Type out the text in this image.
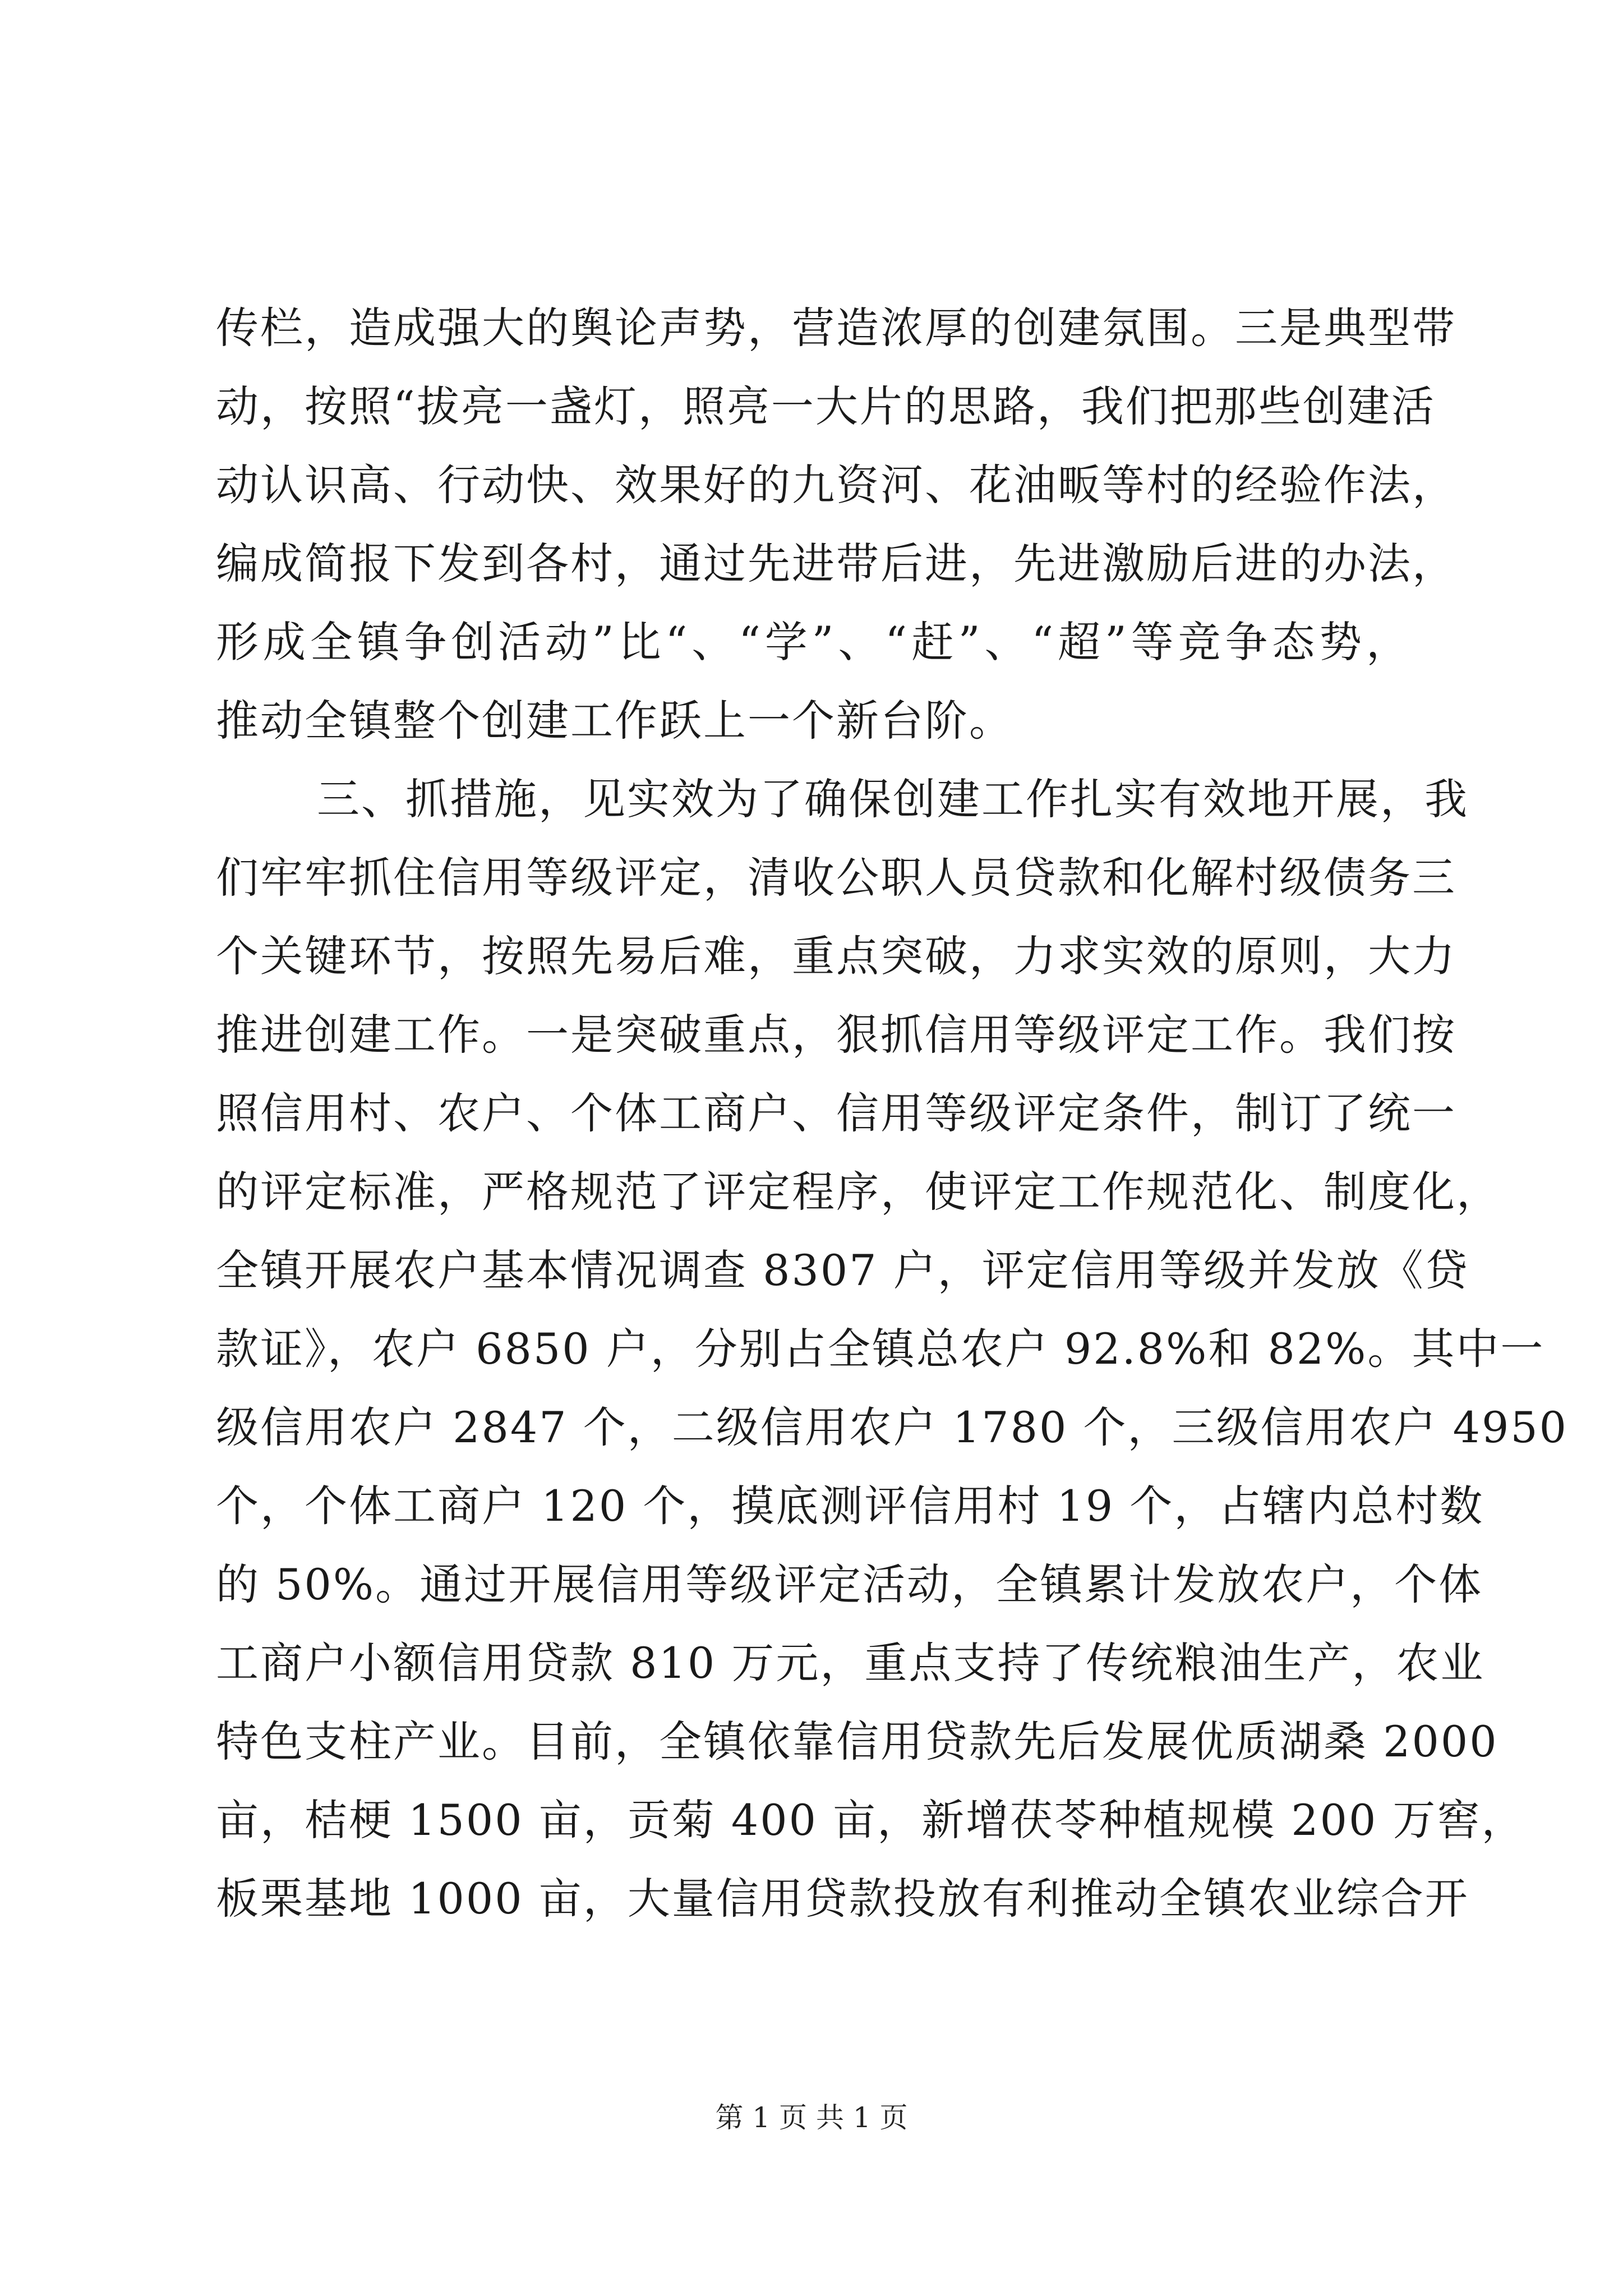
传栏，造成强大的舆论声势，营造浓厚的创建氛围。三是典型带
动，按照“拔亮一盏灯，照亮一大片的思路，我们把那些创建活
动认识高、行动快、效果好的九资河、花油畈等村的经验作法，
编成简报下发到各村，通过先进带后进，先进激励后进的办法，
形成全镇争创活动”比“、“学”、“赶”、“超”等竞争态势，
推动全镇整个创建工作跃上一个新台阶。
三、抓措施，见实效为了确保创建工作扎实有效地开展，我
们牢牢抓住信用等级评定，清收公职人员贷款和化解村级债务三
个关键环节，按照先易后难，重点突破，力求实效的原则，大力
推进创建工作。一是突破重点，狠抓信用等级评定工作。我们按
照信用村、农户、个体工商户、信用等级评定条件，制订了统一
的评定标准，严格规范了评定程序，使评定工作规范化、制度化，
全镇开展农户基本情况调查 8307 户，评定信用等级并发放《贷
款证》，农户 6850 户，分别占全镇总农户 92.8%和 82%。其中一
级信用农户 2847 个，二级信用农户 1780 个，三级信用农户 4950
个，个体工商户 120 个，摸底测评信用村 19 个，占辖内总村数
的 50%。通过开展信用等级评定活动，全镇累计发放农户，个体
工商户小额信用贷款 810 万元，重点支持了传统粮油生产，农业
特色支柱产业。目前，全镇依靠信用贷款先后发展优质湖桑 2000
亩，桔梗 1500 亩，贡菊 400 亩，新增茯苓种植规模 200 万窖，
板栗基地 1000 亩，大量信用贷款投放有利推动全镇农业综合开
第 1 页 共 1 页
